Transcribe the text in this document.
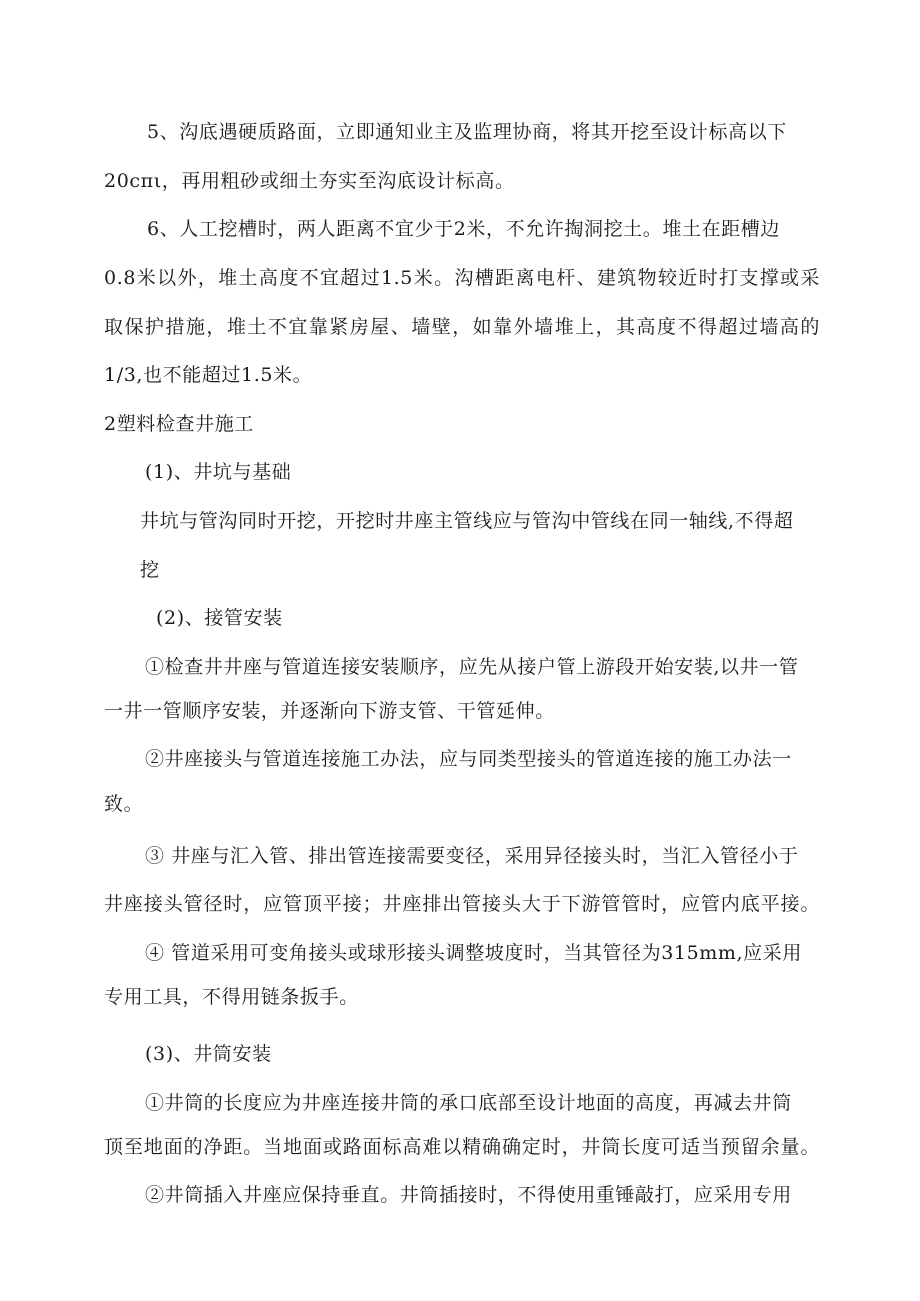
5、沟底遇硬质路面，立即通知业主及监理协商，将其开挖至设计标高以下

20cπι，再用粗砂或细土夯实至沟底设计标高。

6、人工挖槽时，两人距离不宜少于2米，不允许掏洞挖土。堆土在距槽边

0.8米以外，堆土高度不宜超过1.5米。沟槽距离电杆、建筑物较近时打支撑或采

取保护措施，堆土不宜靠紧房屋、墙壁，如靠外墙堆上，其高度不得超过墙高的

1/3,也不能超过1.5米。

2塑料检查井施工

(1)、井坑与基础

井坑与管沟同时开挖，开挖时井座主管线应与管沟中管线在同一轴线,不得超

挖

(2)、接管安装

①检查井井座与管道连接安装顺序，应先从接户管上游段开始安装,以井一管

一井一管顺序安装，并逐渐向下游支管、干管延伸。

②井座接头与管道连接施工办法，应与同类型接头的管道连接的施工办法一

致。

③ 井座与汇入管、排出管连接需要变径，采用异径接头时，当汇入管径小于

井座接头管径时，应管顶平接；井座排出管接头大于下游管管时，应管内底平接。

④ 管道采用可变角接头或球形接头调整坡度时，当其管径为315mm,应采用

专用工具，不得用链条扳手。

(3)、井筒安装

①井筒的长度应为井座连接井筒的承口底部至设计地面的高度，再减去井筒

顶至地面的净距。当地面或路面标高难以精确确定时，井筒长度可适当预留余量。

②井筒插入井座应保持垂直。井筒插接时，不得使用重锤敲打，应采用专用
